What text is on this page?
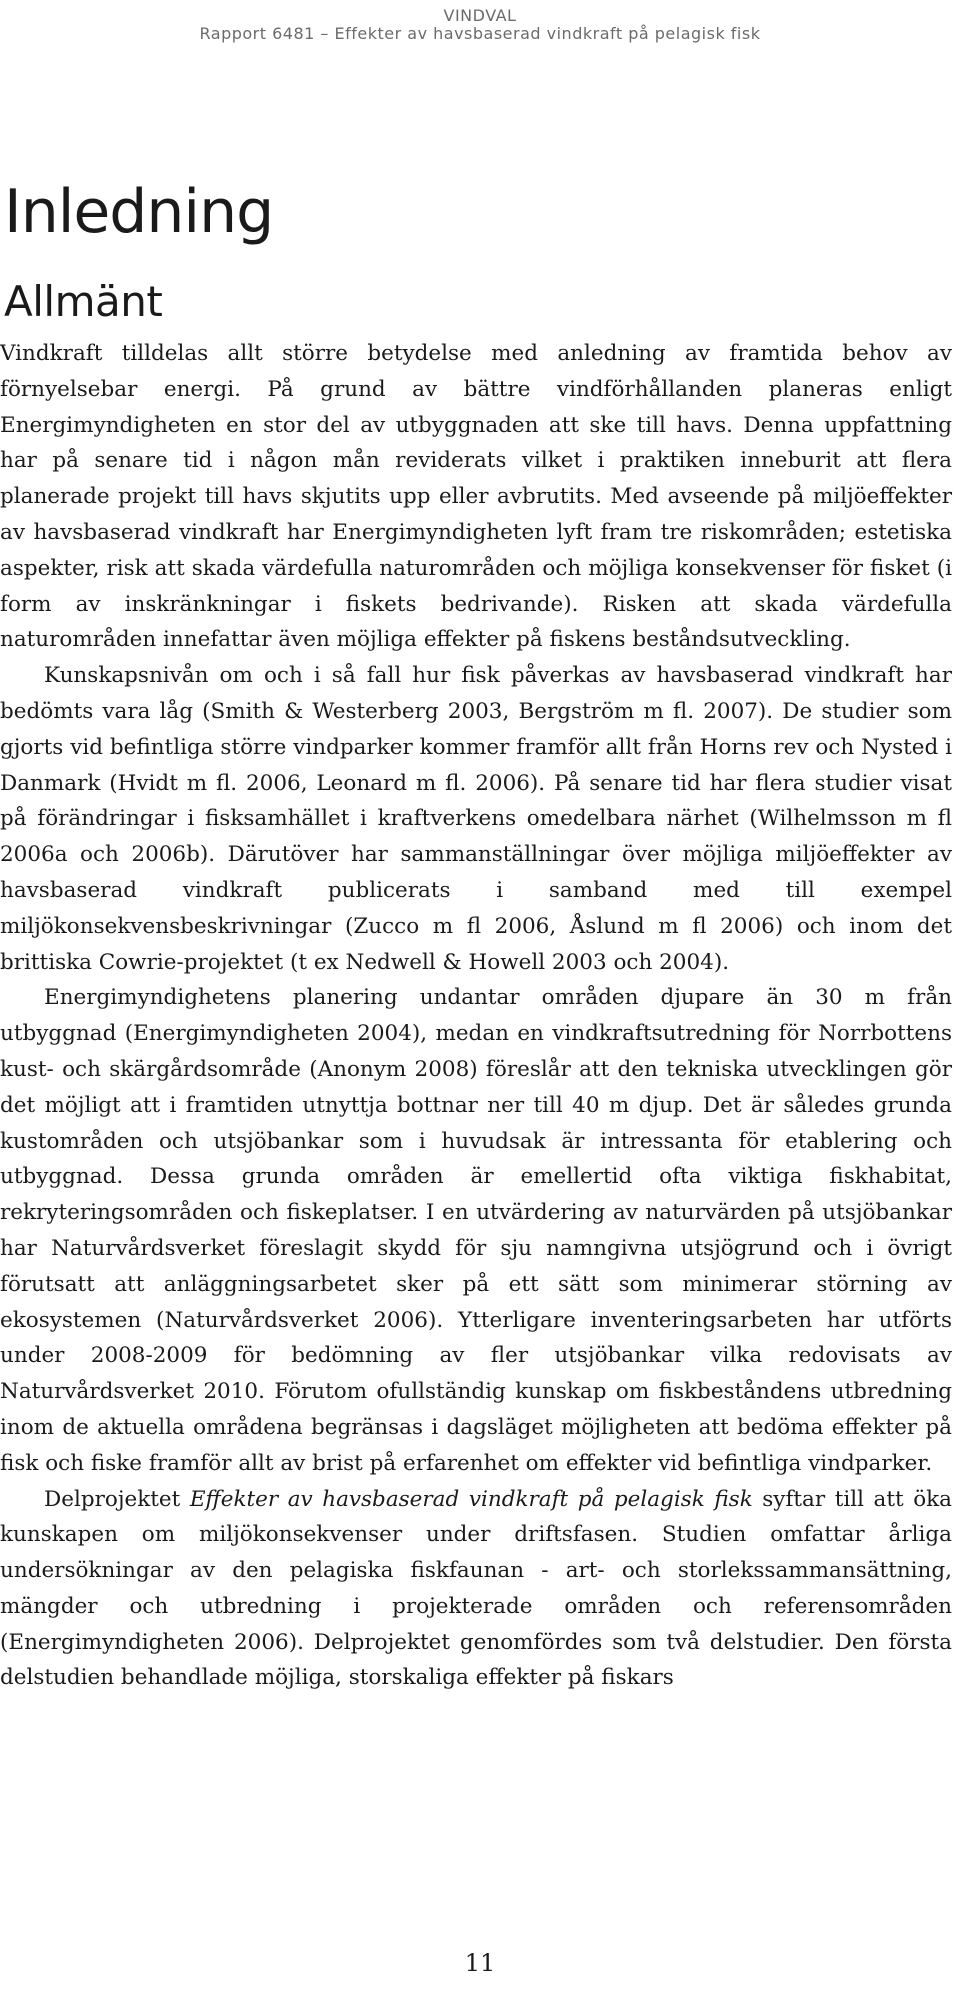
VINDVAL
Rapport 6481 – Effekter av havsbaserad vindkraft på pelagisk fisk
Inledning
Allmänt

Vindkraft tilldelas allt större betydelse med anledning av framtida behov av förnyelsebar energi. På grund av bättre vindförhållanden planeras enligt Energimyndigheten en stor del av utbyggnaden att ske till havs. Denna uppfattning har på senare tid i någon mån reviderats vilket i praktiken inneburit att flera planerade projekt till havs skjutits upp eller avbrutits. Med avseende på miljöeffekter av havsbaserad vindkraft har Energimyndigheten lyft fram tre riskområden; estetiska aspekter, risk att skada värdefulla naturområden och möjliga konsekvenser för fisket (i form av inskränkningar i fiskets bedrivande). Risken att skada värdefulla naturområden innefattar även möjliga effekter på fiskens beståndsutveckling.

Kunskapsnivån om och i så fall hur fisk påverkas av havsbaserad vindkraft har bedömts vara låg (Smith & Westerberg 2003, Bergström m fl. 2007). De studier som gjorts vid befintliga större vindparker kommer framför allt från Horns rev och Nysted i Danmark (Hvidt m fl. 2006, Leonard m fl. 2006). På senare tid har flera studier visat på förändringar i fisksamhället i kraftverkens omedelbara närhet (Wilhelmsson m fl 2006a och 2006b). Därutöver har sammanställningar över möjliga miljöeffekter av havsbaserad vindkraft publicerats i samband med till exempel miljökonsekvensbeskrivningar (Zucco m fl 2006, Åslund m fl 2006) och inom det brittiska Cowrie-projektet (t ex Nedwell & Howell 2003 och 2004).

Energimyndighetens planering undantar områden djupare än 30 m från utbyggnad (Energimyndigheten 2004), medan en vindkraftsutredning för Norrbottens kust- och skärgårdsområde (Anonym 2008) föreslår att den tekniska utvecklingen gör det möjligt att i framtiden utnyttja bottnar ner till 40 m djup. Det är således grunda kustområden och utsjöbankar som i huvudsak är intressanta för etablering och utbyggnad. Dessa grunda områden är emellertid ofta viktiga fiskhabitat, rekryteringsområden och fiskeplatser. I en utvärdering av naturvärden på utsjöbankar har Naturvårdsverket föreslagit skydd för sju namngivna utsjögrund och i övrigt förutsatt att anläggningsarbetet sker på ett sätt som minimerar störning av ekosystemen (Naturvårdsverket 2006). Ytterligare inventeringsarbeten har utförts under 2008-2009 för bedömning av fler utsjöbankar vilka redovisats av Naturvårdsverket 2010. Förutom ofullständig kunskap om fiskbeståndens utbredning inom de aktuella områdena begränsas i dagsläget möjligheten att bedöma effekter på fisk och fiske framför allt av brist på erfarenhet om effekter vid befintliga vindparker.

Delprojektet Effekter av havsbaserad vindkraft på pelagisk fisk syftar till att öka kunskapen om miljökonsekvenser under driftsfasen. Studien omfattar årliga undersökningar av den pelagiska fiskfaunan - art- och storlekssammansättning, mängder och utbredning i projekterade områden och referensområden (Energimyndigheten 2006). Delprojektet genomfördes som två delstudier. Den första delstudien behandlade möjliga, storskaliga effekter på fiskars

11
